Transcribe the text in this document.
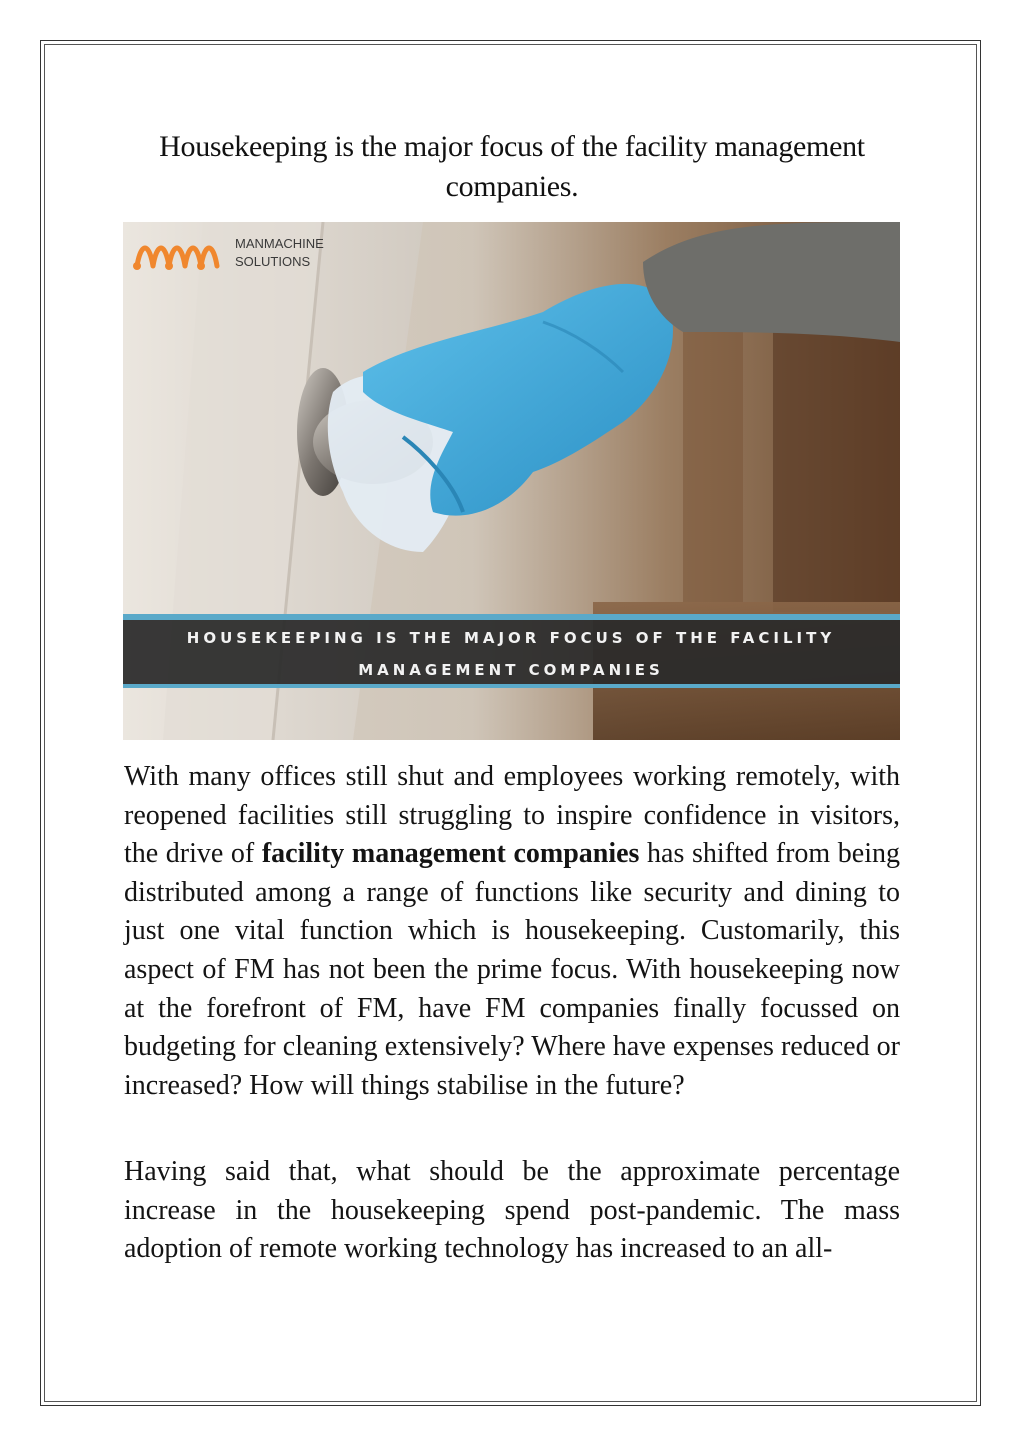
Housekeeping is the major focus of the facility management companies.
MANMACHINE
SOLUTIONS
HOUSEKEEPING IS THE MAJOR FOCUS OF THE FACILITY
MANAGEMENT COMPANIES

With many offices still shut and employees working remotely, with reopened facilities still struggling to inspire confidence in visitors, the drive of facility management companies has shifted from being distributed among a range of functions like security and dining to just one vital function which is housekeeping. Customarily, this aspect of FM has not been the prime focus. With housekeeping now at the forefront of FM, have FM companies finally focussed on budgeting for cleaning extensively? Where have expenses reduced or increased? How will things stabilise in the future?

Having said that, what should be the approximate percentage increase in the housekeeping spend post-pandemic. The mass adoption of remote working technology has increased to an all-
